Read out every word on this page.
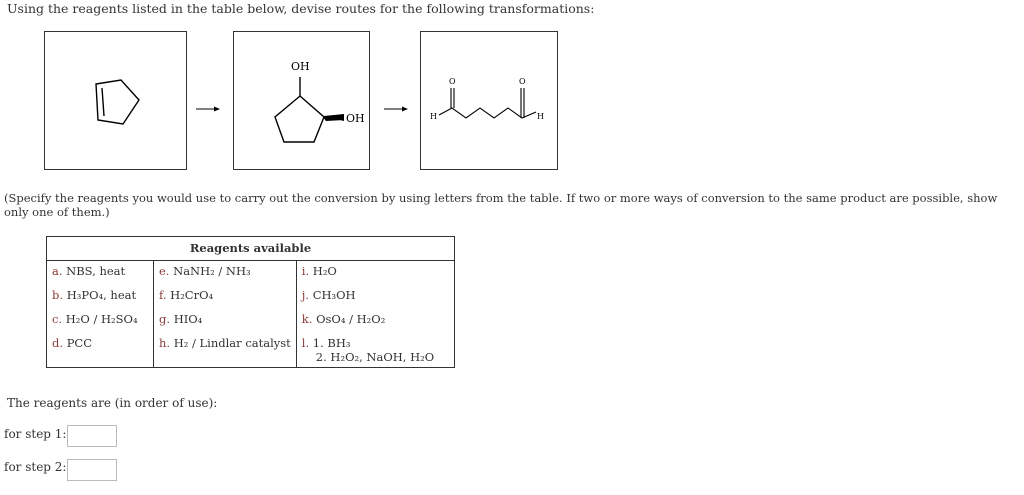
Using the reagents listed in the table below, devise routes for the following transformations:
OH
OH	H	H
O	O
(Specify the reagents you would use to carry out the conversion by using letters from the table. If two or more ways of conversion to the same product are possible, show only one of them.)
Reagents available		
a. NBS, heat	e. NaNH₂ / NH₃	i. H₂O
b. H₃PO₄, heat	f. H₂CrO₄	j. CH₃OH
c. H₂O / H₂SO₄	g. HIO₄	k. OsO₄ / H₂O₂
d. PCC	h. H₂ / Lindlar catalyst	l. 1. BH₃
2. H₂O₂, NaOH, H₂O
The reagents are (in order of use):
for step 1:
for step 2:
